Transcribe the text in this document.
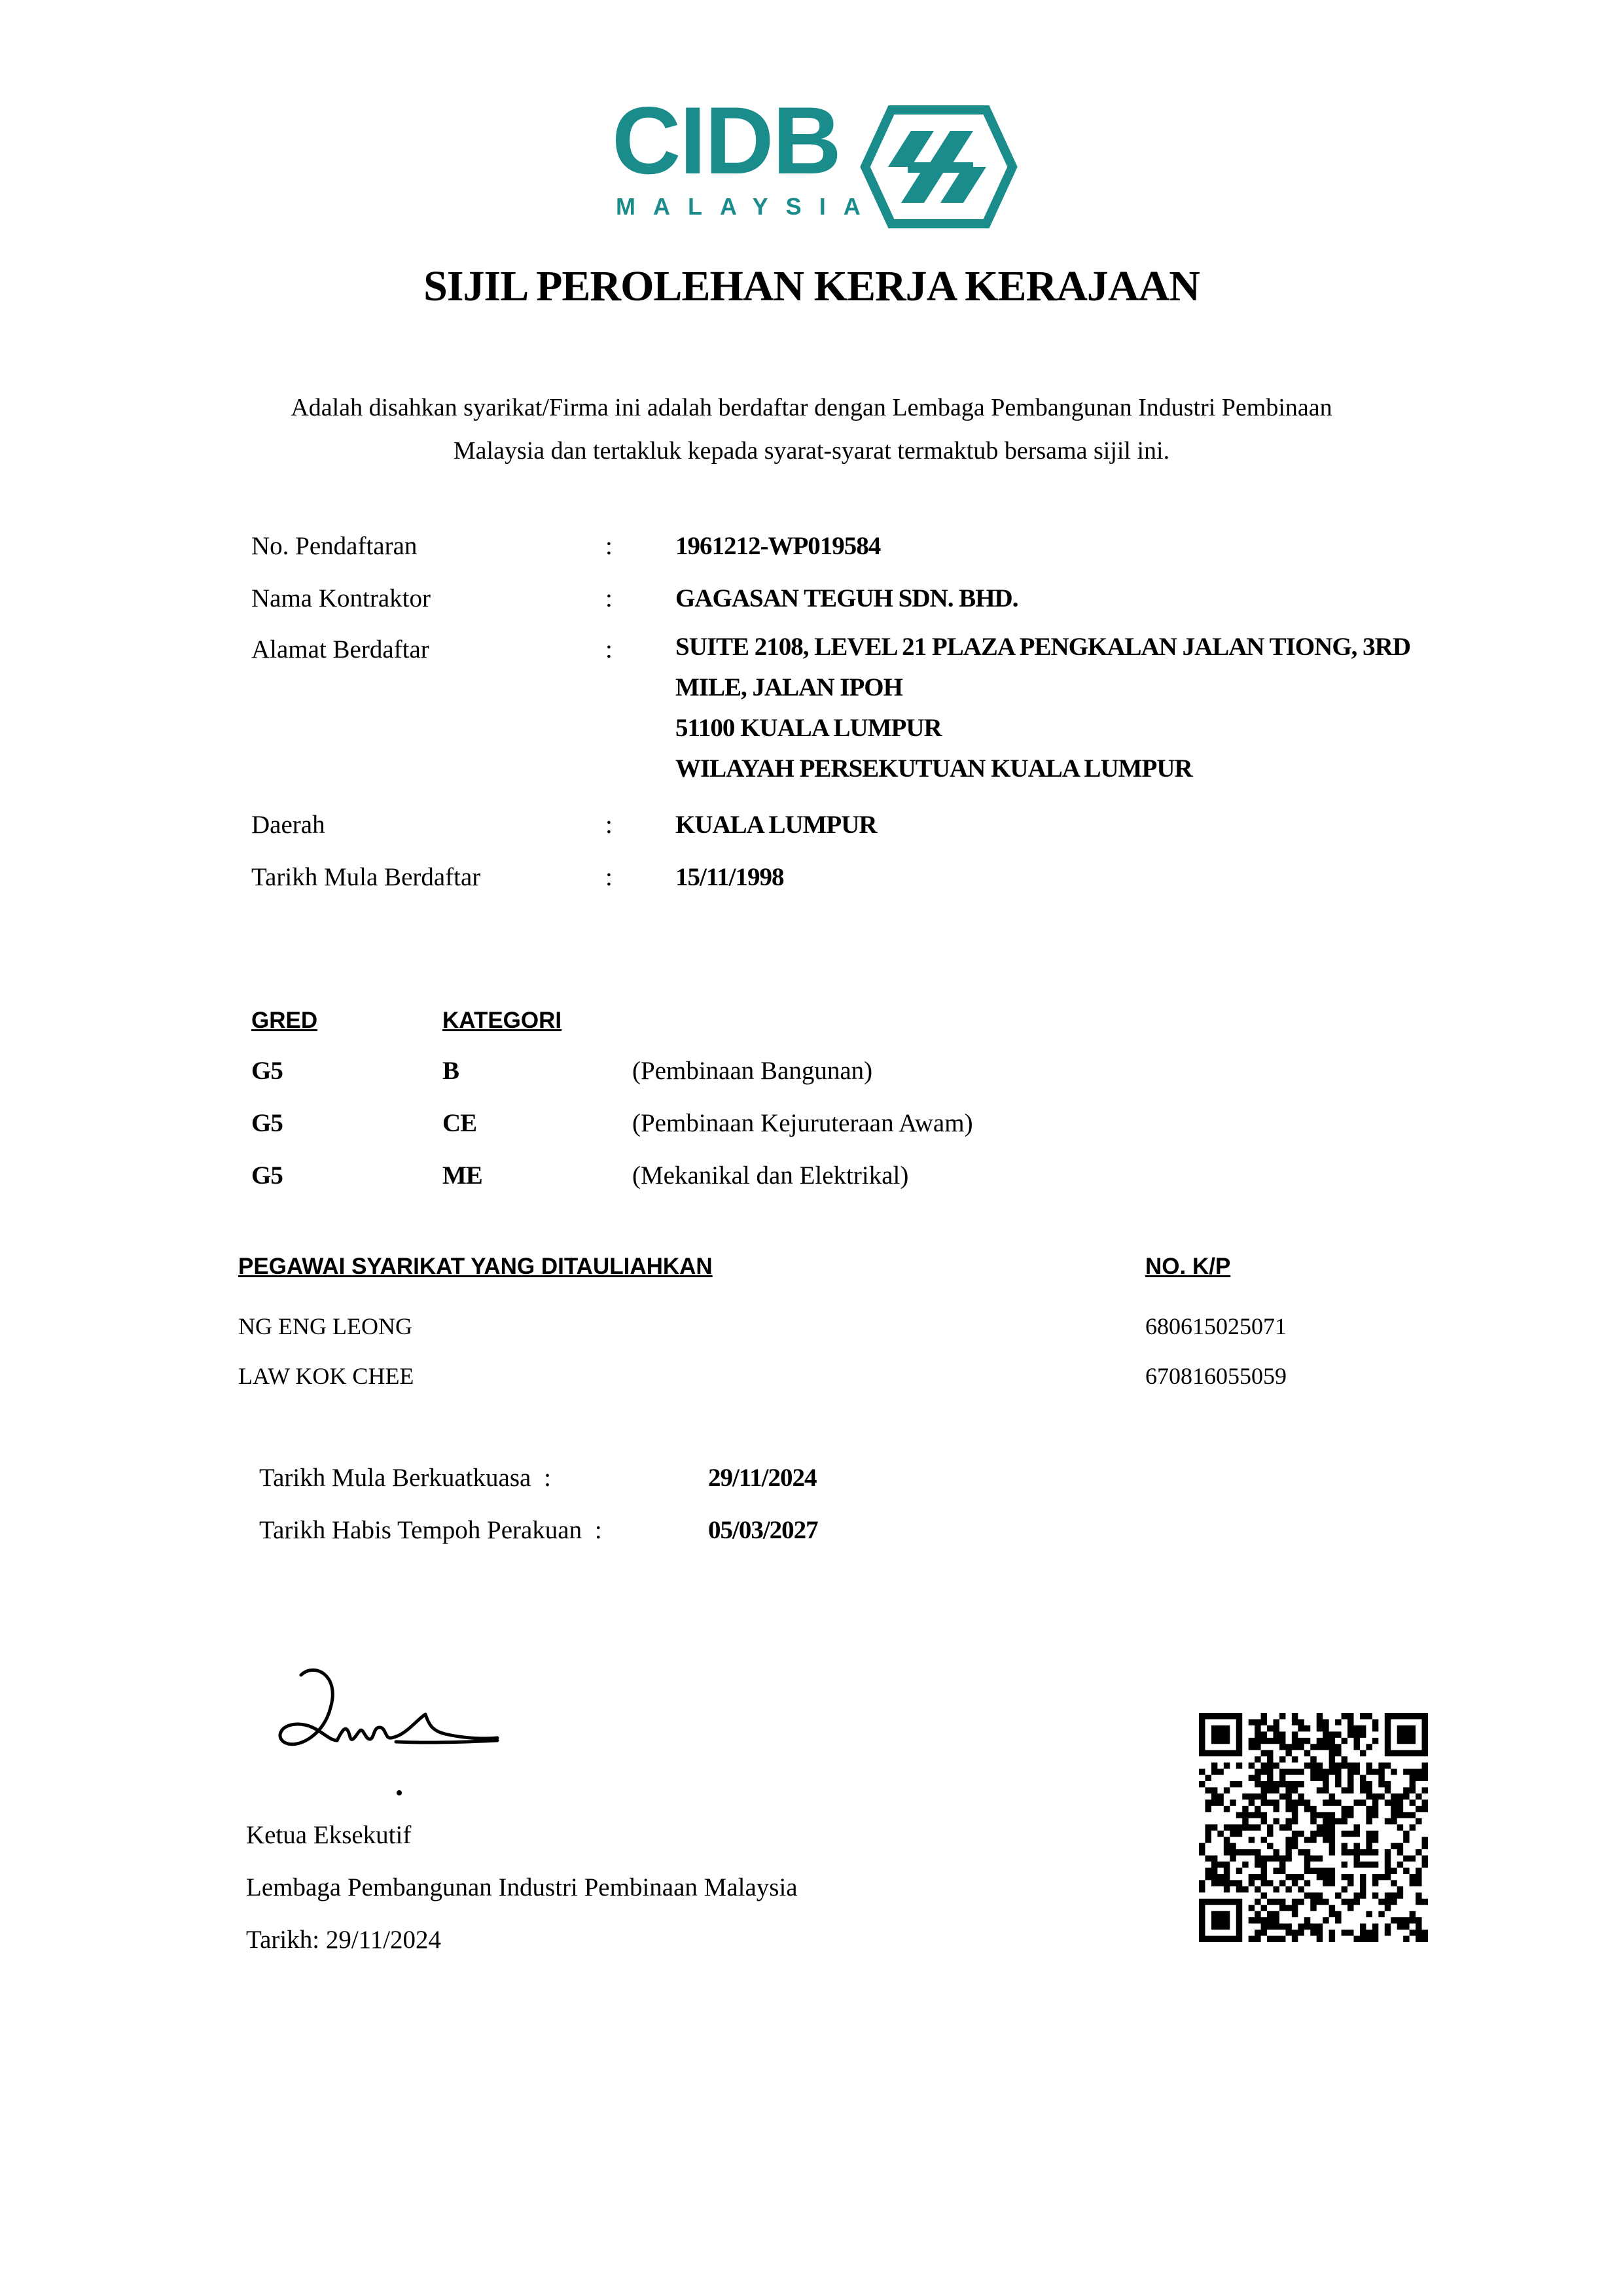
CIDB
MALAYSIA
SIJIL PEROLEHAN KERJA KERAJAAN
Adalah disahkan syarikat/Firma ini adalah berdaftar dengan Lembaga Pembangunan Industri Pembinaan
Malaysia dan tertakluk kepada syarat-syarat termaktub bersama sijil ini.
No. Pendaftaran	: 1961212-WP019584
Nama Kontraktor	: GAGASAN TEGUH SDN. BHD.
Alamat Berdaftar	: SUITE 2108, LEVEL 21 PLAZA PENGKALAN JALAN TIONG, 3RD
MILE, JALAN IPOH
51100 KUALA LUMPUR
WILAYAH PERSEKUTUAN KUALA LUMPUR
Daerah	: KUALA LUMPUR
Tarikh Mula Berdaftar	: 15/11/1998
GRED	KATEGORI
G5	B	(Pembinaan Bangunan)
G5	CE	(Pembinaan Kejuruteraan Awam)
G5	ME	(Mekanikal dan Elektrikal)
PEGAWAI SYARIKAT YANG DITAULIAHKAN	NO. K/P
NG ENG LEONG	680615025071
LAW KOK CHEE	670816055059
Tarikh Mula Berkuatkuasa :	29/11/2024
Tarikh Habis Tempoh Perakuan :	05/03/2027
Ketua Eksekutif
Lembaga Pembangunan Industri Pembinaan Malaysia
Tarikh: 29/11/2024
